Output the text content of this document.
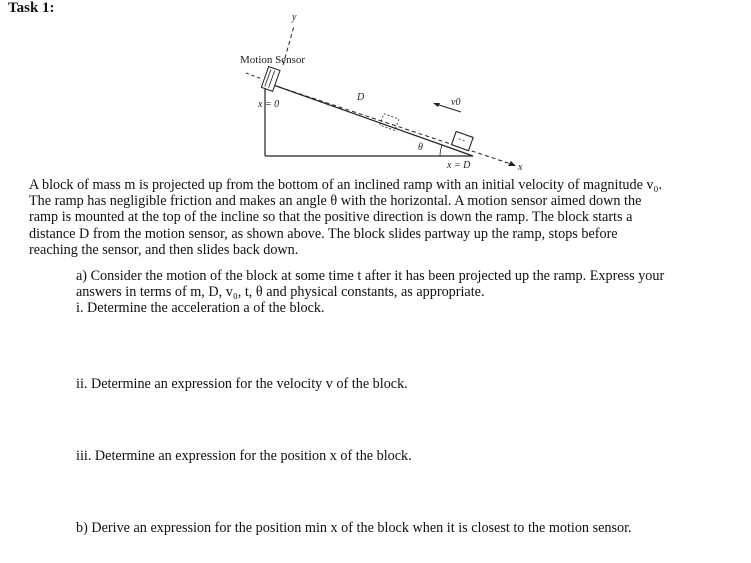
Task 1:
y
Motion Sensor
x
x = 0
D	v0
θ
x = D
A block of mass m is projected up from the bottom of an inclined ramp with an initial velocity of magnitude v₀.
The ramp has negligible friction and makes an angle θ with the horizontal. A motion sensor aimed down the
ramp is mounted at the top of the incline so that the positive direction is down the ramp. The block starts a
distance D from the motion sensor, as shown above. The block slides partway up the ramp, stops before
reaching the sensor, and then slides back down.
a) Consider the motion of the block at some time t after it has been projected up the ramp. Express your
answers in terms of m, D, v₀, t, θ and physical constants, as appropriate.
i. Determine the acceleration a of the block.
ii. Determine an expression for the velocity v of the block.
iii. Determine an expression for the position x of the block.
b) Derive an expression for the position min x of the block when it is closest to the motion sensor.
